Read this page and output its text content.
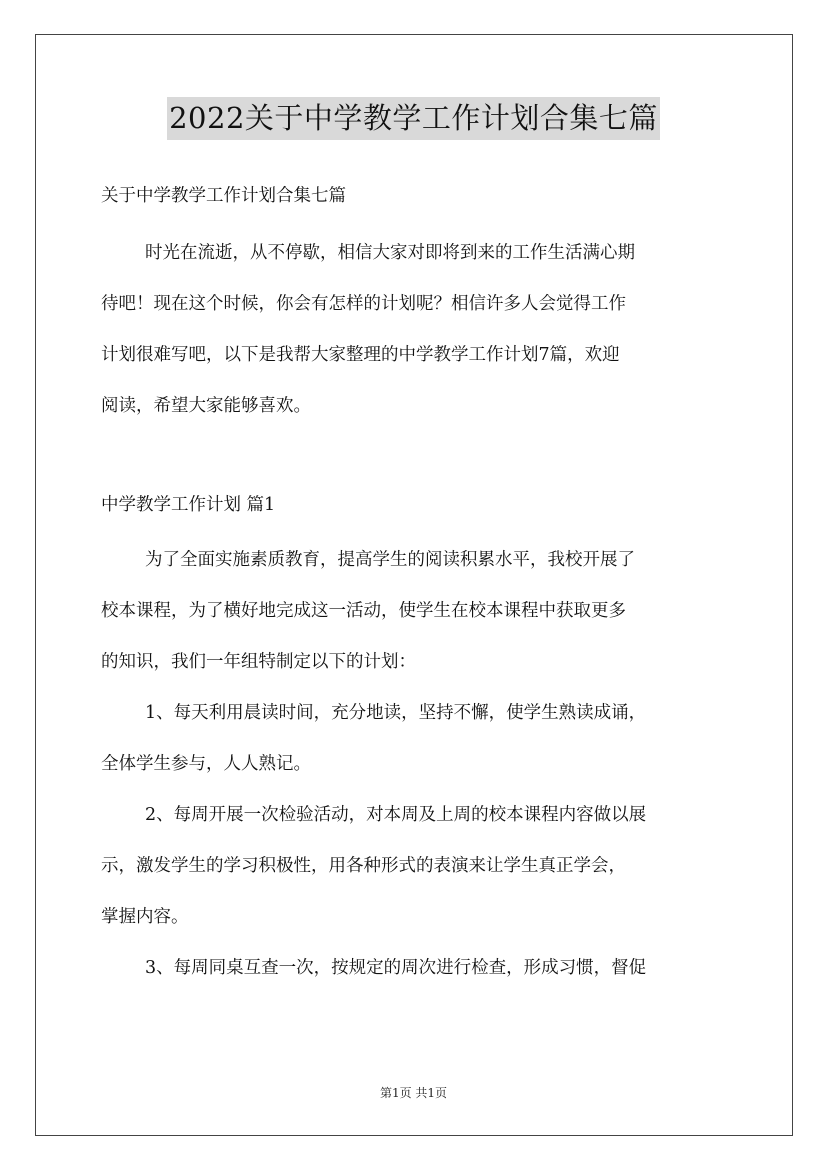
2022关于中学教学工作计划合集七篇
关于中学教学工作计划合集七篇
时光在流逝，从不停歇，相信大家对即将到来的工作生活满心期
待吧！现在这个时候，你会有怎样的计划呢？相信许多人会觉得工作
计划很难写吧，以下是我帮大家整理的中学教学工作计划7篇，欢迎
阅读，希望大家能够喜欢。
中学教学工作计划 篇1
为了全面实施素质教育，提高学生的阅读积累水平，我校开展了
校本课程，为了横好地完成这一活动，使学生在校本课程中获取更多
的知识，我们一年组特制定以下的计划：
1、每天利用晨读时间，充分地读，坚持不懈，使学生熟读成诵，
全体学生参与，人人熟记。
2、每周开展一次检验活动，对本周及上周的校本课程内容做以展
示，激发学生的学习积极性，用各种形式的表演来让学生真正学会，
掌握内容。
3、每周同桌互查一次，按规定的周次进行检查，形成习惯，督促
第1页 共1页
